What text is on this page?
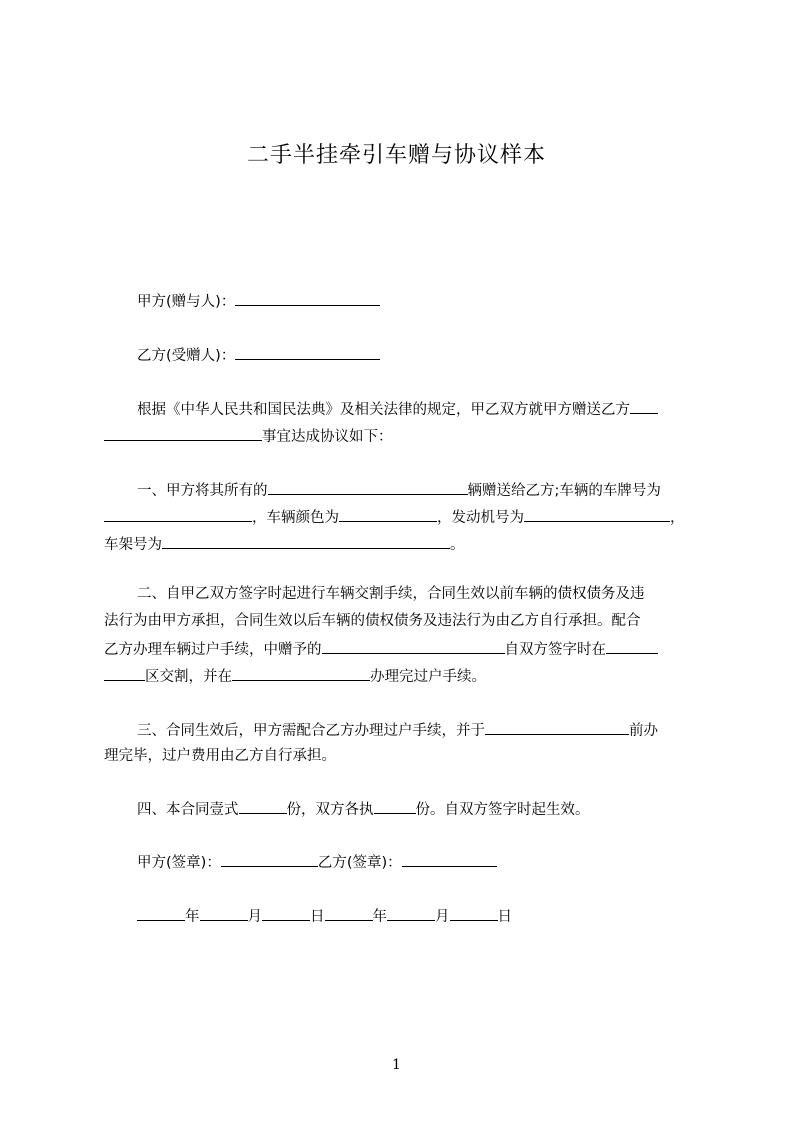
二手半挂牵引车赠与协议样本
甲方(赠与人)：
乙方(受赠人)：
根据《中华人民共和国民法典》及相关法律的规定，甲乙双方就甲方赠送乙方
事宜达成协议如下：
一、甲方将其所有的	辆赠送给乙方;车辆的车牌号为
，车辆颜色为	，发动机号为	，
车架号为	。
二、自甲乙双方签字时起进行车辆交割手续，合同生效以前车辆的债权债务及违
法行为由甲方承担，合同生效以后车辆的债权债务及违法行为由乙方自行承担。配合
乙方办理车辆过户手续，中赠予的	自双方签字时在
区交割，并在	办理完过户手续。
三、合同生效后，甲方需配合乙方办理过户手续，并于	前办
理完毕，过户费用由乙方自行承担。
四、本合同壹式	份，双方各执	份。自双方签字时起生效。
甲方(签章)：	乙方(签章)：
年	月	日	年	月	日
1
